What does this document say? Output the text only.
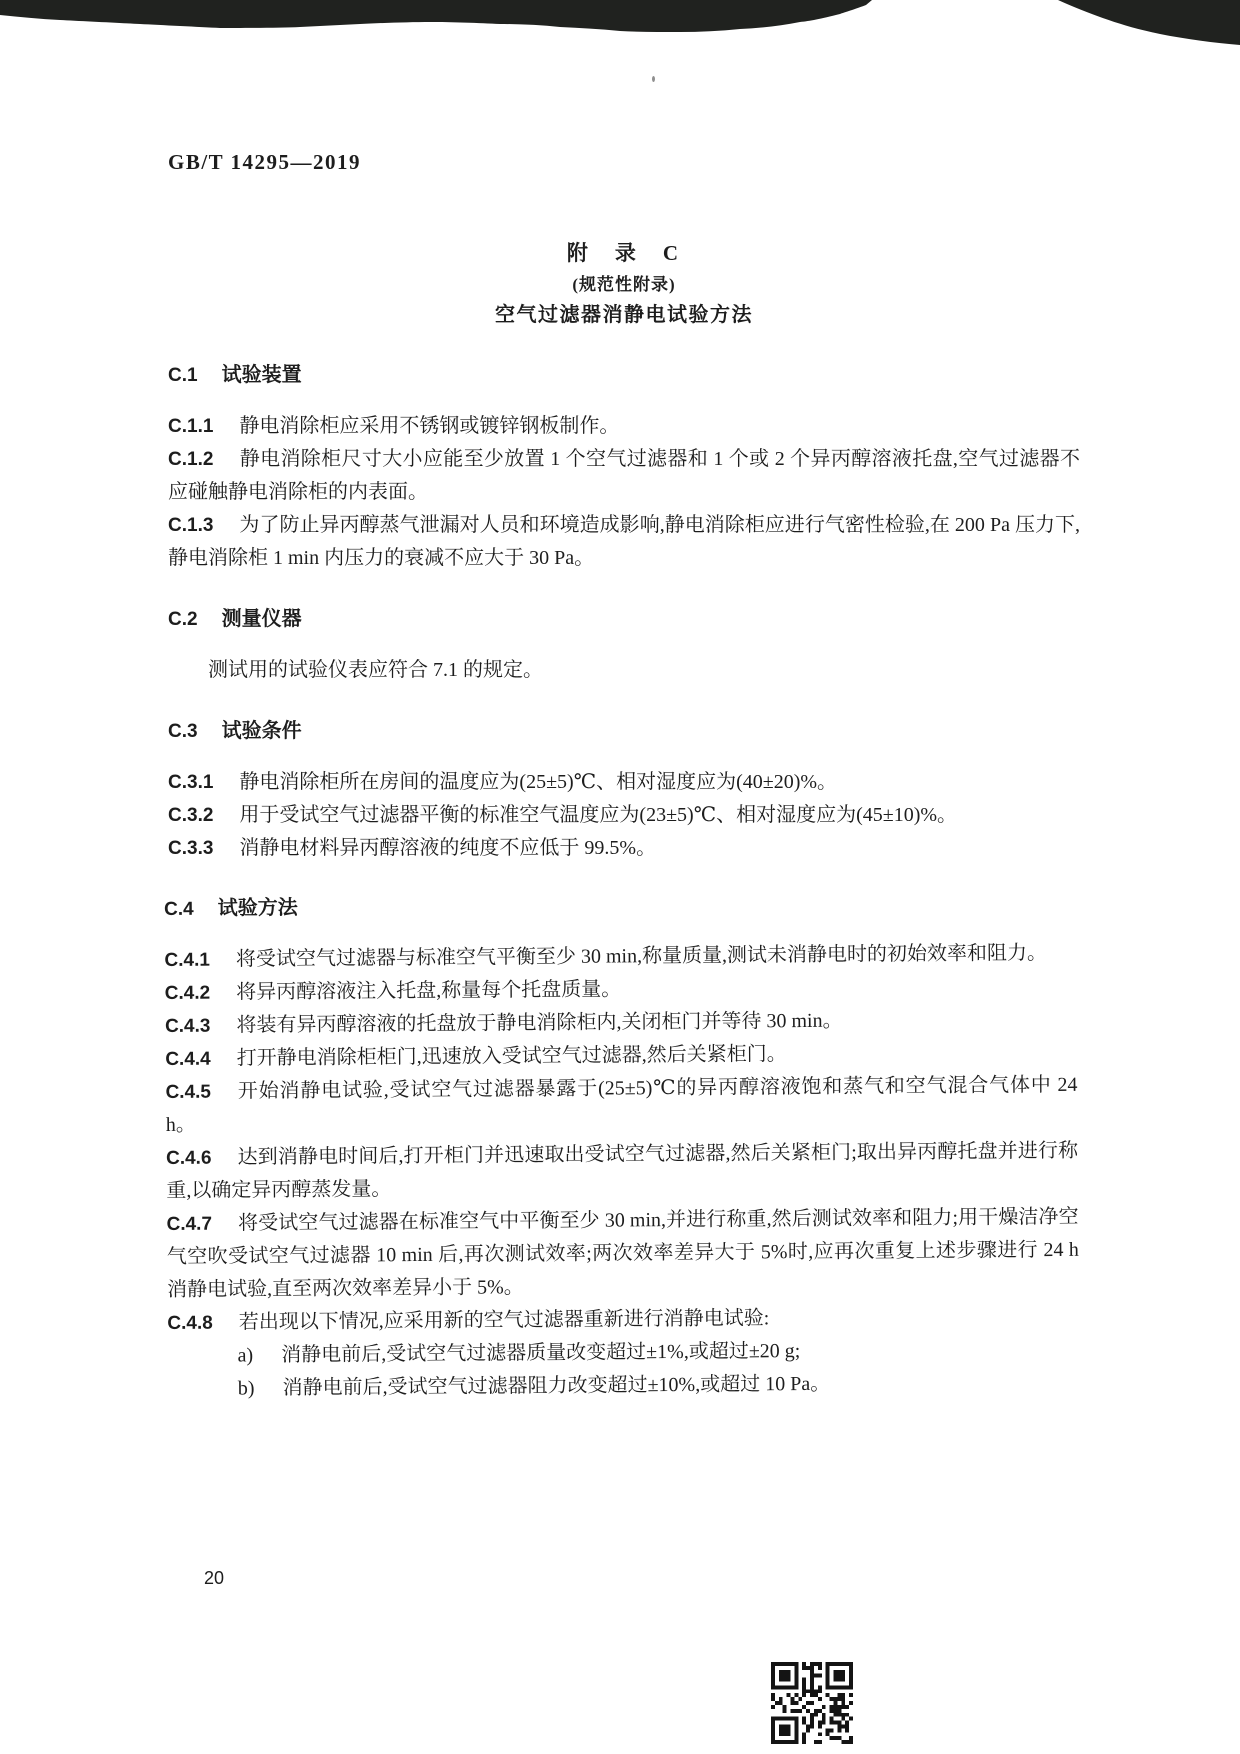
GB/T 14295—2019
附　录　C
(规范性附录)
空气过滤器消静电试验方法
C.1 试验装置

C.1.1 静电消除柜应采用不锈钢或镀锌钢板制作。

C.1.2 静电消除柜尺寸大小应能至少放置 1 个空气过滤器和 1 个或 2 个异丙醇溶液托盘,空气过滤器不应碰触静电消除柜的内表面。

C.1.3 为了防止异丙醇蒸气泄漏对人员和环境造成影响,静电消除柜应进行气密性检验,在 200 Pa 压力下,静电消除柜 1 min 内压力的衰减不应大于 30 Pa。

C.2 测量仪器

测试用的试验仪表应符合 7.1 的规定。

C.3 试验条件

C.3.1 静电消除柜所在房间的温度应为(25±5)℃、相对湿度应为(40±20)%。

C.3.2 用于受试空气过滤器平衡的标准空气温度应为(23±5)℃、相对湿度应为(45±10)%。

C.3.3 消静电材料异丙醇溶液的纯度不应低于 99.5%。

C.4 试验方法

C.4.1 将受试空气过滤器与标准空气平衡至少 30 min,称量质量,测试未消静电时的初始效率和阻力。

C.4.2 将异丙醇溶液注入托盘,称量每个托盘质量。

C.4.3 将装有异丙醇溶液的托盘放于静电消除柜内,关闭柜门并等待 30 min。

C.4.4 打开静电消除柜柜门,迅速放入受试空气过滤器,然后关紧柜门。

C.4.5 开始消静电试验,受试空气过滤器暴露于(25±5)℃的异丙醇溶液饱和蒸气和空气混合气体中 24 h。

C.4.6 达到消静电时间后,打开柜门并迅速取出受试空气过滤器,然后关紧柜门;取出异丙醇托盘并进行称重,以确定异丙醇蒸发量。

C.4.7 将受试空气过滤器在标准空气中平衡至少 30 min,并进行称重,然后测试效率和阻力;用干燥洁净空气空吹受试空气过滤器 10 min 后,再次测试效率;两次效率差异大于 5%时,应再次重复上述步骤进行 24 h 消静电试验,直至两次效率差异小于 5%。

C.4.8 若出现以下情况,应采用新的空气过滤器重新进行消静电试验:

a) 消静电前后,受试空气过滤器质量改变超过±1%,或超过±20 g;

b) 消静电前后,受试空气过滤器阻力改变超过±10%,或超过 10 Pa。

20
